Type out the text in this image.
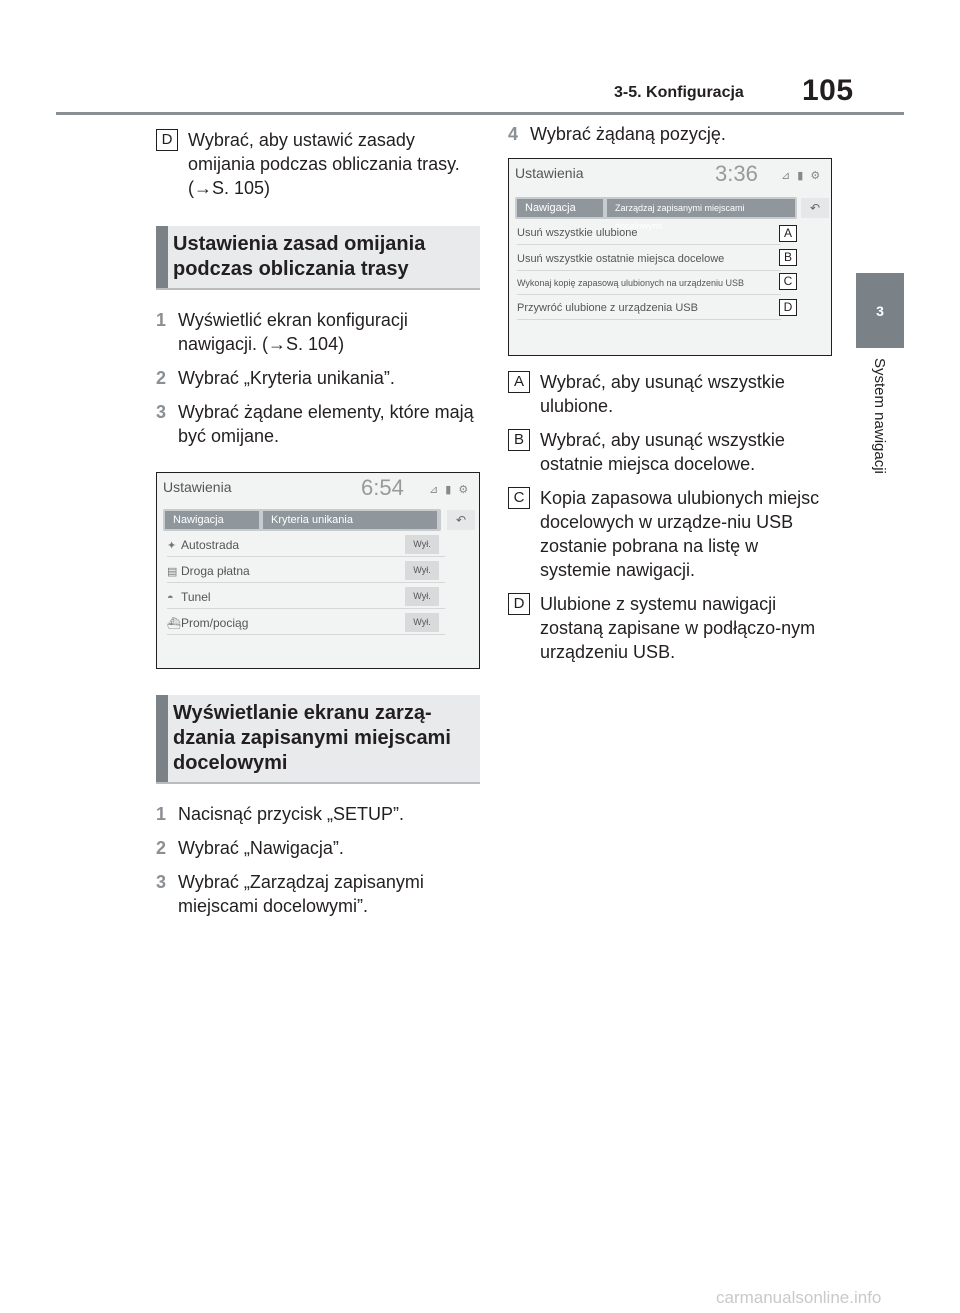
3-5. Konfiguracja 105
3
System nawigacji
D Wybrać, aby ustawić zasady omijania podczas obliczania trasy. (→S. 105)
Ustawienia zasad omijania podczas obliczania trasy
1 Wyświetlić ekran konfiguracji nawigacji. (→S. 104)
2 Wybrać „Kryteria unikania”.
3 Wybrać żądane elementy, które mają być omijane.
Ustawienia	6:54 ⊿ ▮ ⚙
Nawigacja	Kryteria unikania	↶
✦ Autostrada	Wył.
▤ Droga płatna	Wył.
◓ Tunel	Wył.
⛴Prom/pociąg	Wył.
Wyświetlanie ekranu zarzą-dzania zapisanymi miejscami docelowymi
1 Nacisnąć przycisk „SETUP”.
2 Wybrać „Nawigacja”.
3 Wybrać „Zarządzaj zapisanymi miejscami docelowymi”.
4 Wybrać żądaną pozycję.
Ustawienia	3:36 ⊿ ▮ ⚙
Nawigacja	Zarządzaj zapisanymi miejscami docelowymi
↶
Usuń wszystkie ulubione	A
Usuń wszystkie ostatnie miejsca docelowe	B
Wykonaj kopię zapasową ulubionych na urządzeniu USB	C
Przywróć ulubione z urządzenia USB	D
A Wybrać, aby usunąć wszystkie ulubione.
B Wybrać, aby usunąć wszystkie ostatnie miejsca docelowe.
C Kopia zapasowa ulubionych miejsc docelowych w urządze-niu USB zostanie pobrana na listę w systemie nawigacji.
D Ulubione z systemu nawigacji zostaną zapisane w podłączo-nym urządzeniu USB.
carmanualsonline.info
